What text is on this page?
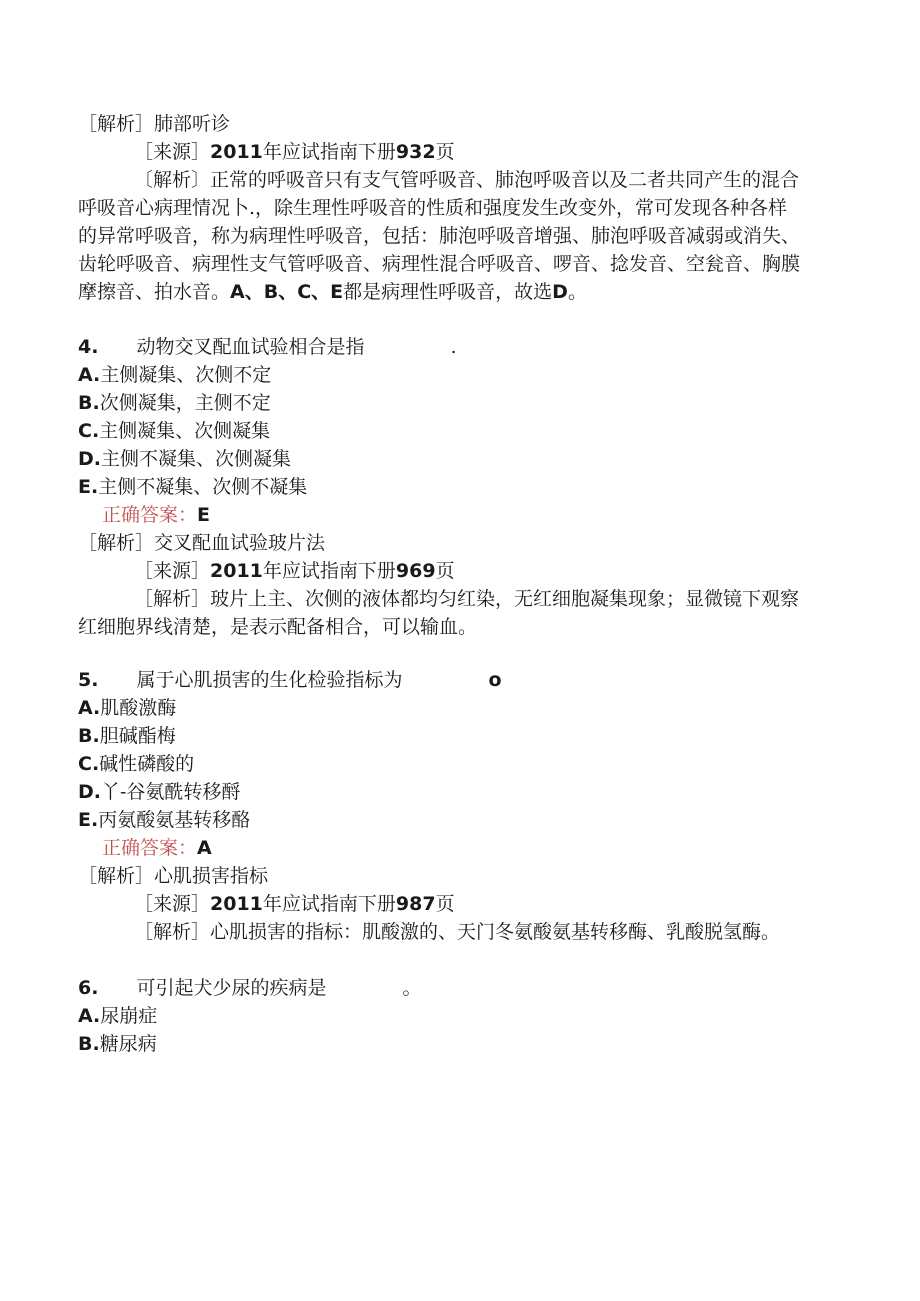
［解析］肺部听诊
［来源］2011年应试指南下册932页
〔解析〕正常的呼吸音只有支气管呼吸音、肺泡呼吸音以及二者共同产生的混合
呼吸音心病理情况卜.，除生理性呼吸音的性质和强度发生改变外，常可发现各种各样
的异常呼吸音，称为病理性呼吸音，包括：肺泡呼吸音增强、肺泡呼吸音减弱或消失、
齿轮呼吸音、病理性支气管呼吸音、病理性混合呼吸音、啰音、捻发音、空瓮音、胸膜
摩擦音、拍水音。A、B、C、E都是病理性呼吸音，故选D。
4. 动物交叉配血试验相合是指	.
A.主侧凝集、次侧不定
B.次侧凝集，主侧不定
C.主侧凝集、次侧凝集
D.主侧不凝集、次侧凝集
E.主侧不凝集、次侧不凝集
正确答案：E
［解析］交叉配血试验玻片法
［来源］2011年应试指南下册969页
［解析］玻片上主、次侧的液体都均匀红染，无红细胞凝集现象；显微镜下观察
红细胞界线清楚，是表示配备相合，可以输血。
5. 属于心肌损害的生化检验指标为	o
A.肌酸激酶
B.胆碱酯梅
C.碱性磷酸的
D.丫-谷氨酰转移酹
E.丙氨酸氨基转移酪
正确答案：A
［解析］心肌损害指标
［来源］2011年应试指南下册987页
［解析］心肌损害的指标：肌酸激的、天门冬氨酸氨基转移酶、乳酸脱氢酶。
6. 可引起犬少尿的疾病是	。
A.尿崩症
B.糖尿病
